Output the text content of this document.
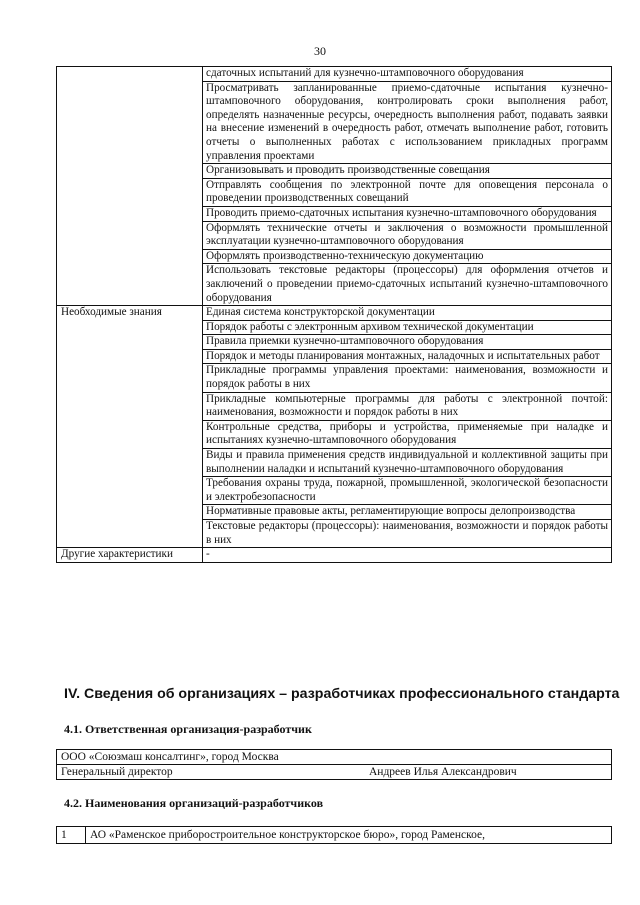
30
	сдаточных испытаний для кузнечно-штамповочного оборудования
	Просматривать запланированные приемо-сдаточные испытания кузнечно-штамповочного оборудования, контролировать сроки выполнения работ, определять назначенные ресурсы, очередность выполнения работ, подавать заявки на внесение изменений в очередность работ, отмечать выполнение работ, готовить отчеты о выполненных работах с использованием прикладных программ управления проектами
	Организовывать и проводить производственные совещания
	Отправлять сообщения по электронной почте для оповещения персонала о проведении производственных совещаний
	Проводить приемо-сдаточных испытания кузнечно-штамповочного оборудования
	Оформлять технические отчеты и заключения о возможности промышленной эксплуатации кузнечно-штамповочного оборудования
	Оформлять производственно-техническую документацию
	Использовать текстовые редакторы (процессоры) для оформления отчетов и заключений о проведении приемо-сдаточных испытаний кузнечно-штамповочного оборудования
Необходимые знания	Единая система конструкторской документации
	Порядок работы с электронным архивом технической документации
	Правила приемки кузнечно-штамповочного оборудования
	Порядок и методы планирования монтажных, наладочных и испытательных работ
	Прикладные программы управления проектами: наименования, возможности и порядок работы в них
	Прикладные компьютерные программы для работы с электронной почтой: наименования, возможности и порядок работы в них
	Контрольные средства, приборы и устройства, применяемые при наладке и испытаниях кузнечно-штамповочного оборудования
	Виды и правила применения средств индивидуальной и коллективной защиты при выполнении наладки и испытаний кузнечно-штамповочного оборудования
	Требования охраны труда, пожарной, промышленной, экологической безопасности и электробезопасности
	Нормативные правовые акты, регламентирующие вопросы делопроизводства
	Текстовые редакторы (процессоры): наименования, возможности и порядок работы в них
Другие характеристики	-
IV. Сведения об организациях – разработчиках профессионального стандарта
4.1. Ответственная организация-разработчик
ООО «Союзмаш консалтинг», город Москва
Генеральный директор	Андреев Илья Александрович
4.2. Наименования организаций-разработчиков
1	АО «Раменское приборостроительное конструкторское бюро», город Раменское,
